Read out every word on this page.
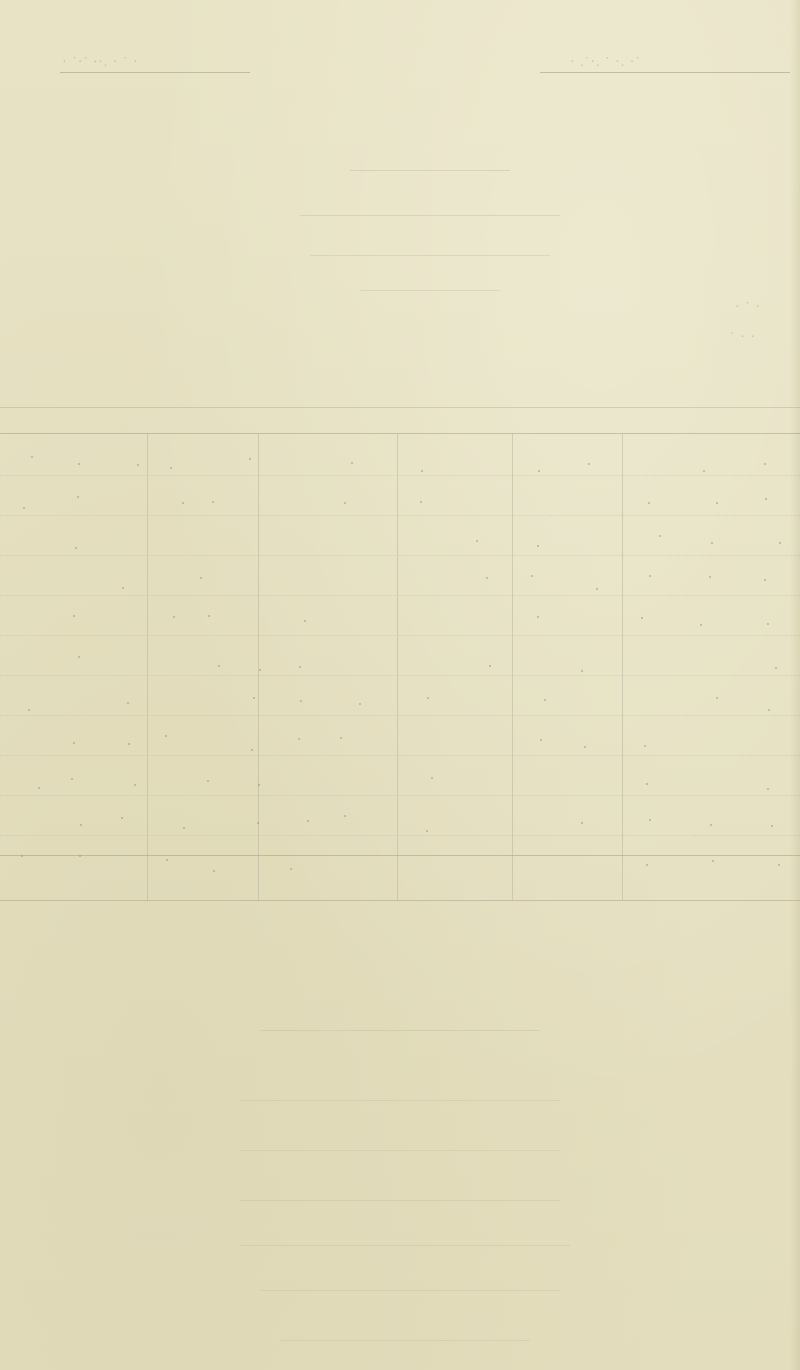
· ˙·˙ ∙·. · ˙ ·	· .˙·. ˙ ·. ·˙
· ˙ ·
˙ · ·
